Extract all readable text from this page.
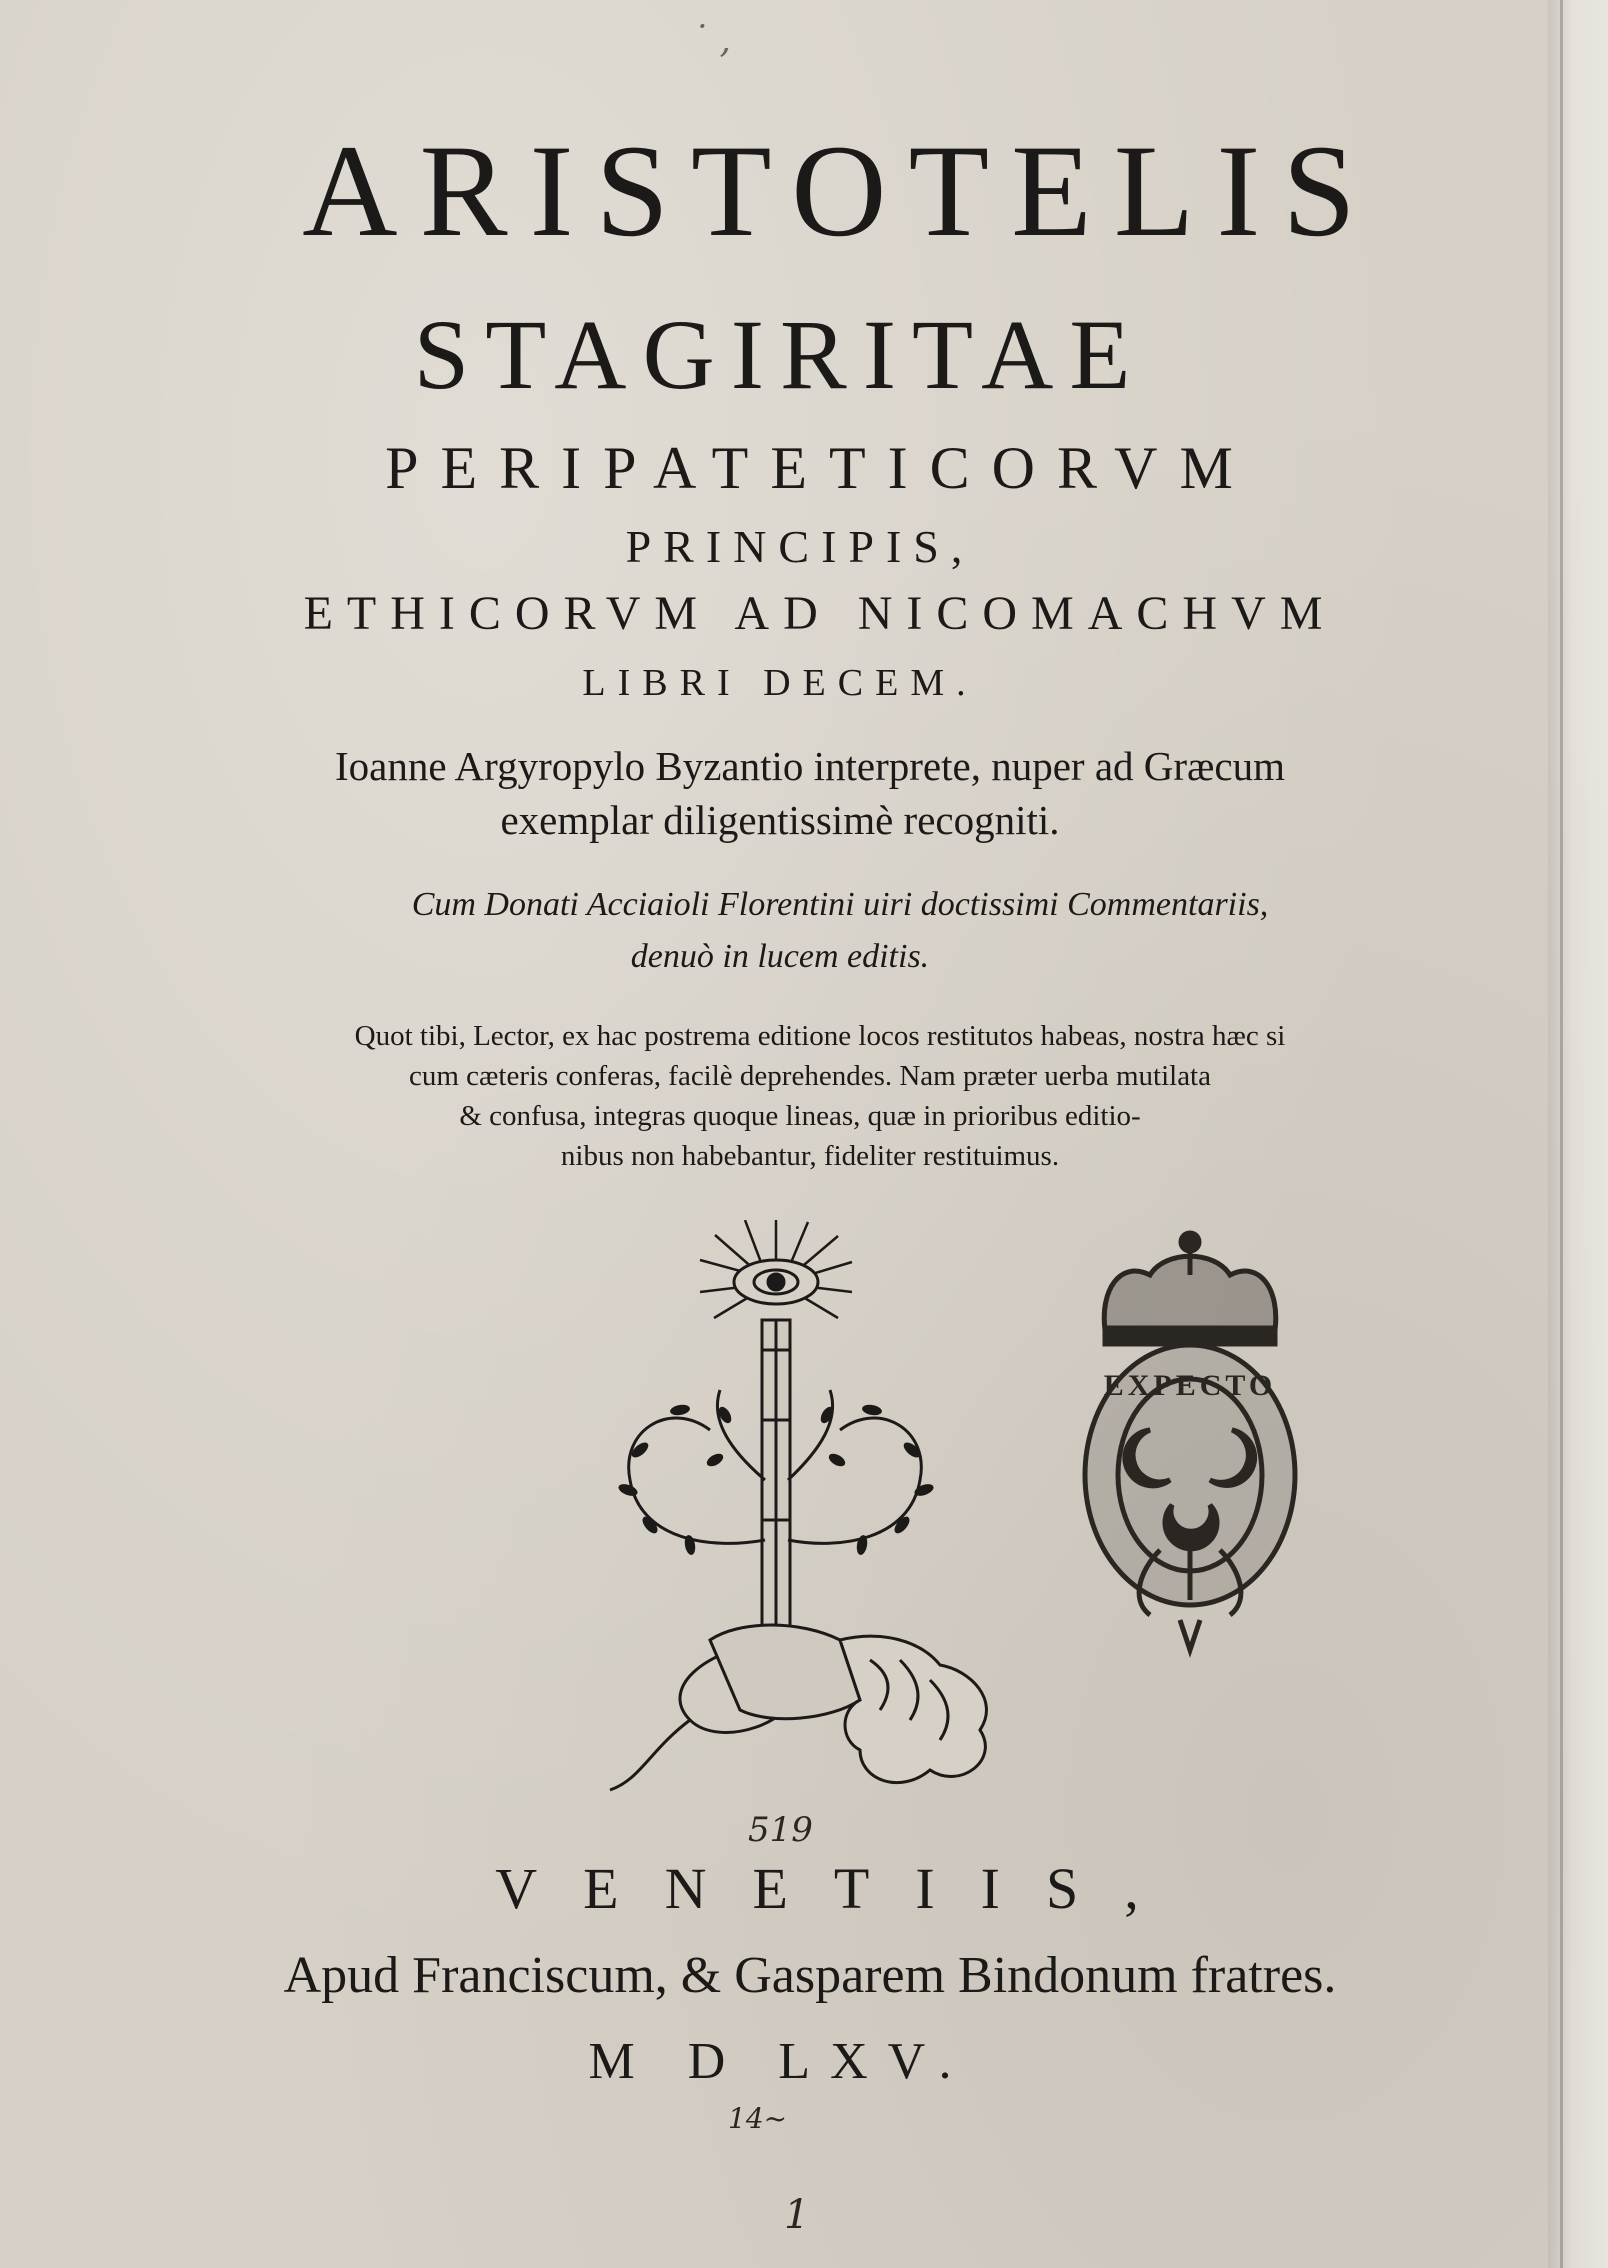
˙ ,
ARISTOTELIS
STAGIRITAE
PERIPATETICORVM
PRINCIPIS,
ETHICORVM AD NICOMACHVM
LIBRI DECEM.
Ioanne Argyropylo Byzantio interprete, nuper ad Græcum
exemplar diligentissimè recogniti.
Cum Donati Acciaioli Florentini uiri doctissimi Commentariis,
denuò in lucem editis.
Quot tibi, Lector, ex hac postrema editione locos restitutos habeas, nostra hæc si
cum cæteris conferas, facilè deprehendes. Nam præter uerba mutilata
& confusa, integras quoque lineas, quæ in prioribus editio-
nibus non habebantur, fideliter restituimus.
EXPECTO
519
VENETIIS,
Apud Franciscum, & Gasparem Bindonum fratres.
M D LXV.
14~
1
